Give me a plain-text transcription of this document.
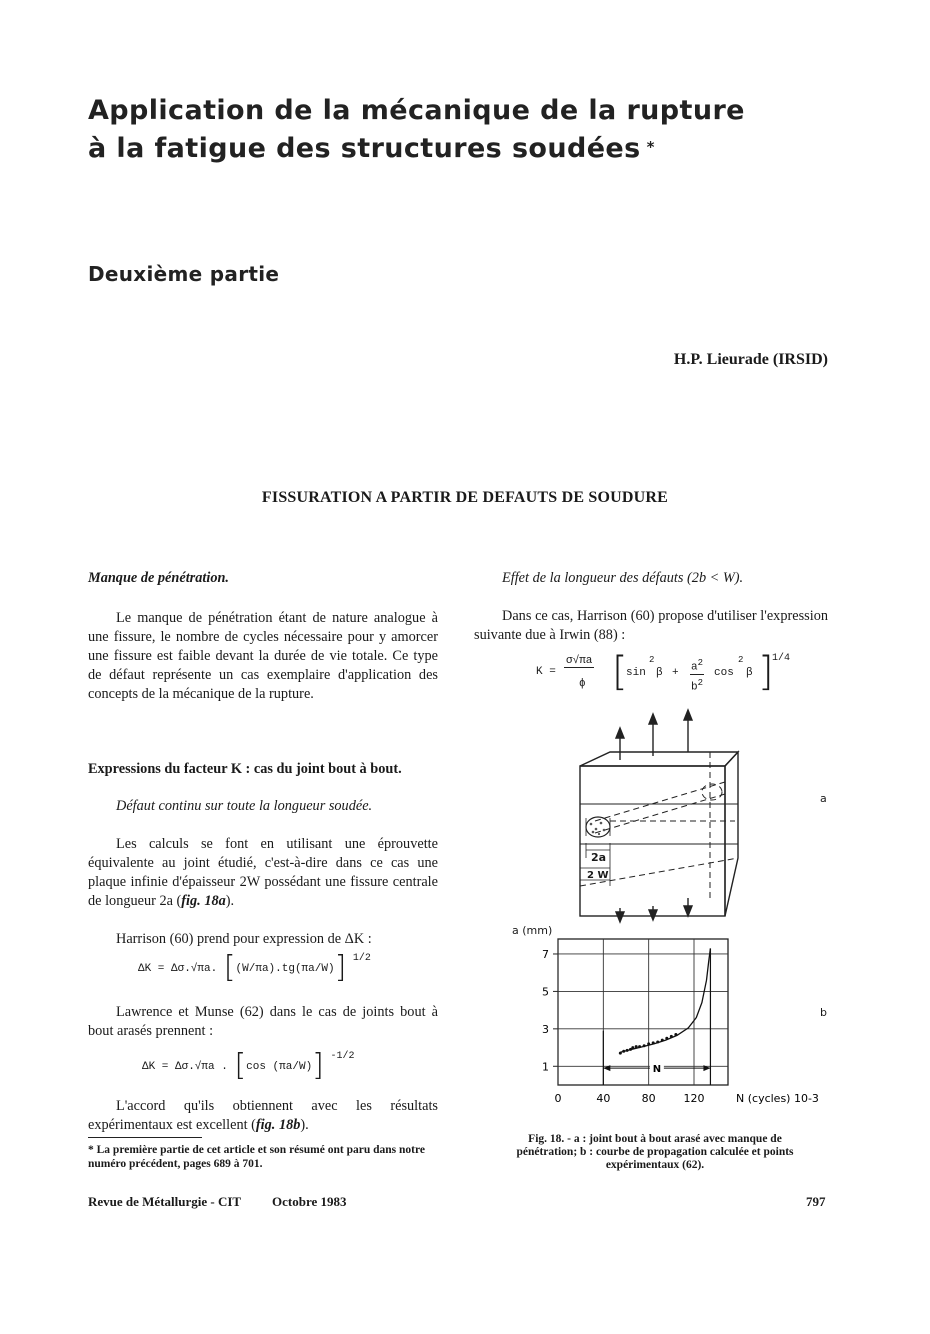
Application de la mécanique de la rupture
à la fatigue des structures soudées *
Deuxième partie
H.P. Lieurade (IRSID)
FISSURATION A PARTIR DE DEFAUTS DE SOUDURE
Manque de pénétration.
Le manque de pénétration étant de nature analogue à une fissure, le nombre de cycles nécessaire pour y amorcer une fissure est faible devant la durée de vie totale. Ce type de défaut représente un cas exemplaire d'application des concepts de la mécanique de la rupture.
Expressions du facteur K : cas du joint bout à bout.
Défaut continu sur toute la longueur soudée.
Les calculs se font en utilisant une éprouvette équivalente au joint étudié, c'est-à-dire dans ce cas une plaque infinie d'épaisseur 2W possédant une fissure centrale de longueur 2a (fig. 18a).
Harrison (60) prend pour expression de ΔK :
ΔK = Δσ.√πa. [(W/πa).tg(πa/W)] $^{1/2}$
Lawrence et Munse (62) dans le cas de joints bout à bout arasés prennent :
ΔK = Δσ.√πa . [cos (πa/W)] $^{-1/2}$
L'accord qu'ils obtiennent avec les résultats expérimentaux est excellent (fig. 18b).
* La première partie de cet article et son résumé ont paru dans notre numéro précédent, pages 689 à 701.
Effet de la longueur des défauts (2b < W).
Dans ce cas, Harrison (60) propose d'utiliser l'expression suivante due à Irwin (88) :
K =
σ√πa
ϕ [
sin
2
$\beta + a^2$
$b^2$
cos
2
β ]
1/4
2a
2 W
a
a (mm)
1
3
5
7
0	40	80	120	N (cycles) 10-3
N
b
Fig. 18. - a : joint bout à bout arasé avec manque de pénétration; b : courbe de propagation calculée et points expérimentaux (62).
Revue de Métallurgie - CIT Octobre 1983	797
